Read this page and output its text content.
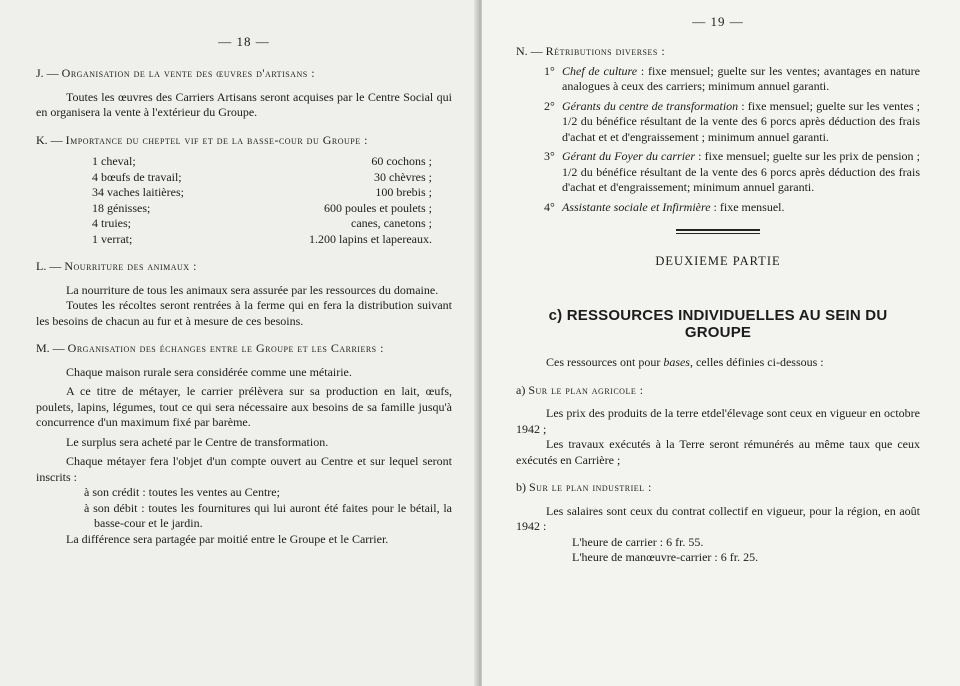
— 18 —
J. — Organisation de la vente des œuvres d'artisans :

Toutes les œuvres des Carriers Artisans seront acquises par le Centre Social qui en organisera la vente à l'extérieur du Groupe.

K. — Importance du cheptel vif et de la basse-cour du Groupe :
1 cheval;
4 bœufs de travail;
34 vaches laitières;
18 génisses;
4 truies;
1 verrat;
60 cochons ;
30 chèvres ;
100 brebis ;
600 poules et poulets ;
canes, canetons ;
1.200 lapins et lapereaux.
L. — Nourriture des animaux :

La nourriture de tous les animaux sera assurée par les ressources du domaine.

Toutes les récoltes seront rentrées à la ferme qui en fera la distribution suivant les besoins de chacun au fur et à mesure de ces besoins.

M. — Organisation des échanges entre le Groupe et les Carriers :

Chaque maison rurale sera considérée comme une métairie.

A ce titre de métayer, le carrier prélèvera sur sa production en lait, œufs, poulets, lapins, légumes, tout ce qui sera nécessaire aux besoins de sa famille jusqu'à concurrence d'un maximum fixé par barème.

Le surplus sera acheté par le Centre de transformation.

Chaque métayer fera l'objet d'un compte ouvert au Centre et sur lequel seront inscrits :

à son crédit : toutes les ventes au Centre;
à son débit : toutes les fournitures qui lui auront été faites pour le bétail, la basse-cour et le jardin.

La différence sera partagée par moitié entre le Groupe et le Carrier.

— 19 —
N. — Rétributions diverses :
1° Chef de culture : fixe mensuel; guelte sur les ventes; avantages en nature analogues à ceux des carriers; minimum annuel garanti.
2° Gérants du centre de transformation : fixe mensuel; guelte sur les ventes ; 1/2 du bénéfice résultant de la vente des 6 porcs après déduction des frais d'achat et et d'engraissement ; minimum annuel garanti.
3° Gérant du Foyer du carrier : fixe mensuel; guelte sur les prix de pension ; 1/2 du bénéfice résultant de la vente des 6 porcs après déduction des frais d'achat et d'engraissement; minimum annuel garanti.
4° Assistante sociale et Infirmière : fixe mensuel.
DEUXIEME PARTIE
c) RESSOURCES INDIVIDUELLES AU SEIN DU GROUPE

Ces ressources ont pour bases, celles définies ci-dessous :

a) Sur le plan agricole :

Les prix des produits de la terre etdel'élevage sont ceux en vigueur en octobre 1942 ;

Les travaux exécutés à la Terre seront rémunérés au même taux que ceux exécutés en Carrière ;

b) Sur le plan industriel :

Les salaires sont ceux du contrat collectif en vigueur, pour la région, en août 1942 :

L'heure de carrier : 6 fr. 55.
L'heure de manœuvre-carrier : 6 fr. 25.
